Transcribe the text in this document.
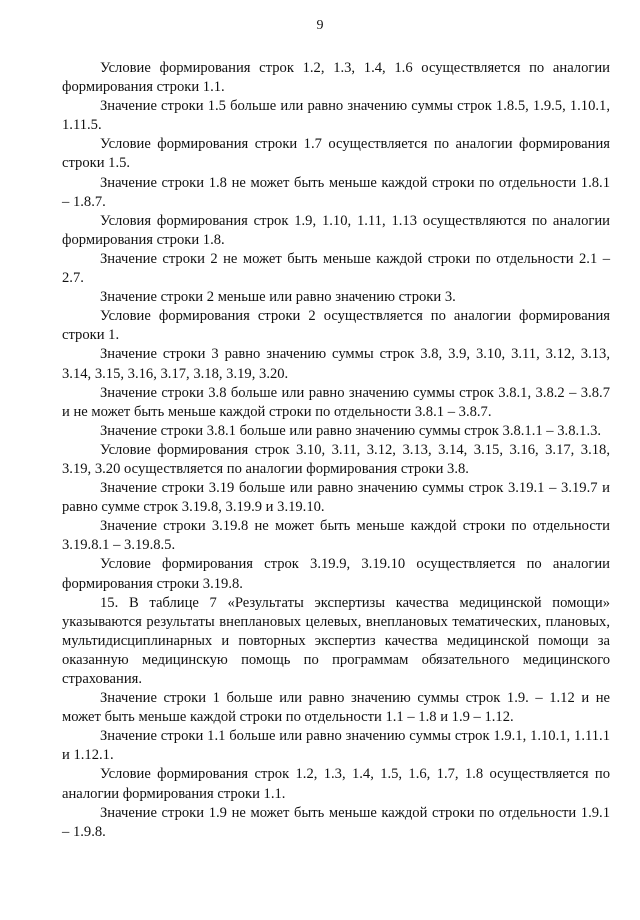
9

Условие формирования строк 1.2, 1.3, 1.4, 1.6 осуществляется по аналогии формирования строки 1.1.

Значение строки 1.5 больше или равно значению суммы строк 1.8.5, 1.9.5, 1.10.1, 1.11.5.

Условие формирования строки 1.7 осуществляется по аналогии формирования строки 1.5.

Значение строки 1.8 не может быть меньше каждой строки по отдельности 1.8.1 – 1.8.7.

Условия формирования строк 1.9, 1.10, 1.11, 1.13 осуществляются по аналогии формирования строки 1.8.

Значение строки 2 не может быть меньше каждой строки по отдельности 2.1 – 2.7.

Значение строки 2 меньше или равно значению строки 3.

Условие формирования строки 2 осуществляется по аналогии формирования строки 1.

Значение строки 3 равно значению суммы строк 3.8, 3.9, 3.10, 3.11, 3.12, 3.13, 3.14, 3.15, 3.16, 3.17, 3.18, 3.19, 3.20.

Значение строки 3.8 больше или равно значению суммы строк 3.8.1, 3.8.2 – 3.8.7 и не может быть меньше каждой строки по отдельности 3.8.1 – 3.8.7.

Значение строки 3.8.1 больше или равно значению суммы строк 3.8.1.1 – 3.8.1.3.

Условие формирования строк 3.10, 3.11, 3.12, 3.13, 3.14, 3.15, 3.16, 3.17, 3.18, 3.19, 3.20 осуществляется по аналогии формирования строки 3.8.

Значение строки 3.19 больше или равно значению суммы строк 3.19.1 – 3.19.7 и равно сумме строк 3.19.8, 3.19.9 и 3.19.10.

Значение строки 3.19.8 не может быть меньше каждой строки по отдельности 3.19.8.1 – 3.19.8.5.

Условие формирования строк 3.19.9, 3.19.10 осуществляется по аналогии формирования строки 3.19.8.

15. В таблице 7 «Результаты экспертизы качества медицинской помощи» указываются результаты внеплановых целевых, внеплановых тематических, плановых, мультидисциплинарных и повторных экспертиз качества медицинской помощи за оказанную медицинскую помощь по программам обязательного медицинского страхования.

Значение строки 1 больше или равно значению суммы строк 1.9. – 1.12 и не может быть меньше каждой строки по отдельности 1.1 – 1.8 и 1.9 – 1.12.

Значение строки 1.1 больше или равно значению суммы строк 1.9.1, 1.10.1, 1.11.1 и 1.12.1.

Условие формирования строк 1.2, 1.3, 1.4, 1.5, 1.6, 1.7, 1.8 осуществляется по аналогии формирования строки 1.1.

Значение строки 1.9 не может быть меньше каждой строки по отдельности 1.9.1 – 1.9.8.
